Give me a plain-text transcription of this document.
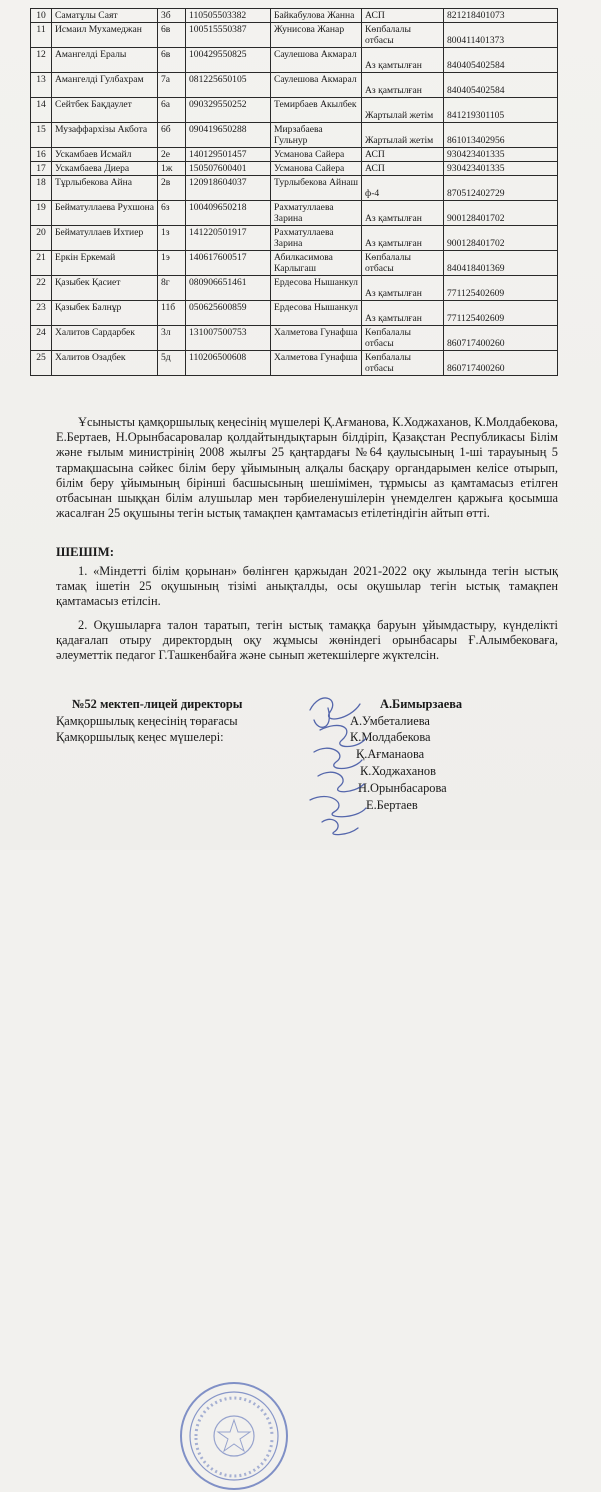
10	Саматұлы Саят	3б	110505503382	Байкабулова Жанна	АСП	821218401073
11	Исмаил Мухамеджан	6в	100515550387	Жунисова Жанар	Көпбалалы отбасы	800411401373
12	Амангелді Ералы	6в	100429550825	Саулешова Акмарал	Аз қамтылған	840405402584
13	Амангелді Гулбахрам	7а	081225650105	Саулешова Акмарал	Аз қамтылған	840405402584
14	Сейтбек Бақдаулет	6а	090329550252	Темирбаев Акылбек	Жартылай жетім	841219301105
15	Музаффархізы Акбота	6б	090419650288	Мирзабаева Гульнур	Жартылай жетім	861013402956
16	Ускамбаев Исмайл	2е	140129501457	Усманова Сайера	АСП	930423401335
17	Ускамбаева Диера	1ж	150507600401	Усманова Сайера	АСП	930423401335
18	Тұрлыбекова Айна	2в	120918604037	Турлыбекова Айнаш	ф-4	870512402729
19	Бейматуллаева Рухшона	6з	100409650218	Рахматуллаева Зарина	Аз қамтылған	900128401702
20	Бейматуллаев Ихтиер	1з	141220501917	Рахматуллаева Зарина	Аз қамтылған	900128401702
21	Еркін Еркемай	1э	140617600517	Абилкасимова Карлыгаш	Көпбалалы отбасы	840418401369
22	Қазыбек Қасиет	8г	080906651461	Ердесова Нышанкул	Аз қамтылған	771125402609
23	Қазыбек Балнұр	11б	050625600859	Ердесова Нышанкул	Аз қамтылған	771125402609
24	Халитов Сардарбек	3л	131007500753	Халметова Гунафша	Көпбалалы отбасы	860717400260
25	Халитов Озадбек	5д	110206500608	Халметова Гунафша	Көпбалалы отбасы	860717400260
Ұсынысты қамқоршылық кеңесінің мүшелері Қ.Ағманова, К.Ходжаханов, К.Молдабекова, Е.Бертаев, Н.Орынбасаровалар қолдайтындықтарын білдіріп, Қазақстан Республикасы Білім және ғылым министрінің 2008 жылғы 25 қаңтардағы №64 қаулысының 1-ші тарауының 5 тармақшасына сәйкес білім беру ұйымының алқалы басқару органдарымен келісе отырып, білім беру ұйымының бірінші басшысының шешімімен, тұрмысы аз қамтамасыз етілген отбасынан шыққан білім алушылар мен тәрбиеленушілерін үнемделген қаржыға қосымша жасалған 25 оқушыны тегін ыстық тамақпен қамтамасыз етілетіндігін айтып өтті.
ШЕШІМ:
1. «Міндетті білім қорынан» бөлінген қаржыдан 2021-2022 оқу жылында тегін ыстық тамақ ішетін 25 оқушының тізімі анықталды, осы оқушылар тегін ыстық тамақпен қамтамасыз етілсін.
2. Оқушыларға талон таратып, тегін ыстық тамаққа баруын ұйымдастыру, күнделікті қадағалап отыру директордың оқу жұмысы жөніндегі орынбасары Ғ.Алымбековаға, әлеуметтік педагог Г.Ташкенбайға және сынып жетекшілерге жүктелсін.
№52 мектеп-лицей директоры	А.Бимырзаева
Қамқоршылық кеңесінің төрағасы	А.Умбеталиева
Қамқоршылық кеңес мүшелері:	К.Молдабекова
Қ.Ағманаова
К.Ходжаханов
Н.Орынбасарова
Е.Бертаев
